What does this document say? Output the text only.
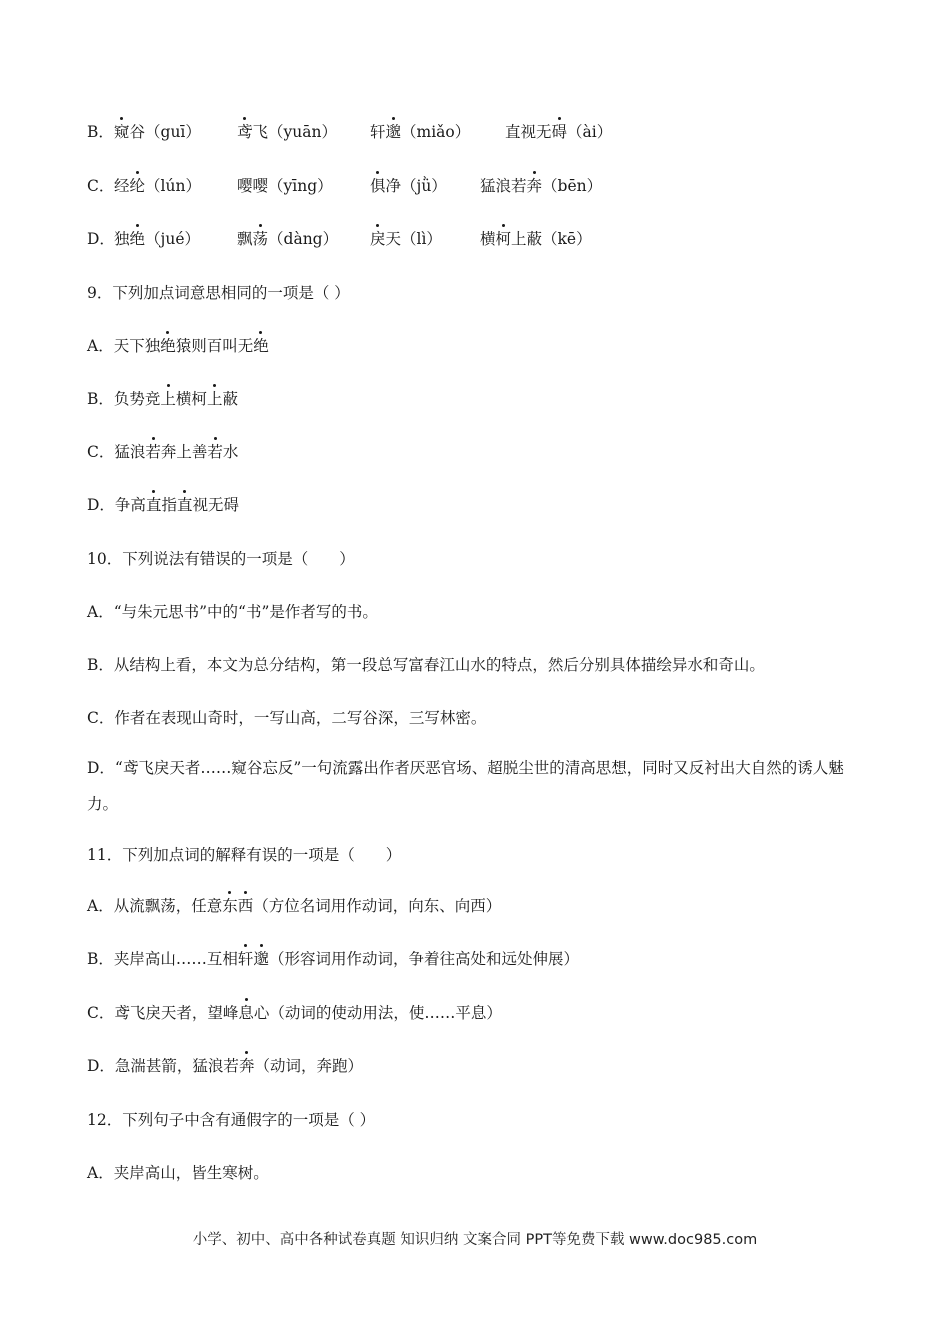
B． 窥谷（guī） 鸢飞（yuān） 轩邈（miǎo） 直视无碍（ài）
C． 经纶（lún） 嘤嘤（yīng） 俱净（jǜ） 猛浪若奔（bēn）
D． 独绝（jué） 飘荡（dàng） 戾天（lì） 横柯上蔽（kē）
9．下列加点词意思相同的一项是（ ）
A．天下独绝猿则百叫无绝
B．负势竞上横柯上蔽
C．猛浪若奔上善若水
D．争高直指直视无碍
10．下列说法有错误的一项是（　　）
A．“与朱元思书”中的“书”是作者写的书。
B．从结构上看，本文为总分结构，第一段总写富春江山水的特点，然后分别具体描绘异水和奇山。
C．作者在表现山奇时，一写山高，二写谷深，三写林密。
D．“鸢飞戾天者……窥谷忘反”一句流露出作者厌恶官场、超脱尘世的清高思想，同时又反衬出大自然的诱人魅力。
11．下列加点词的解释有误的一项是（　　）
A．从流飘荡，任意东西（方位名词用作动词，向东、向西）
B．夹岸高山……互相轩邈（形容词用作动词，争着往高处和远处伸展）
C．鸢飞戾天者，望峰息心（动词的使动用法，使……平息）
D．急湍甚箭，猛浪若奔（动词，奔跑）
12．下列句子中含有通假字的一项是（ ）
A．夹岸高山，皆生寒树。
小学、初中、高中各种试卷真题 知识归纳 文案合同 PPT等免费下载 www.doc985.com
